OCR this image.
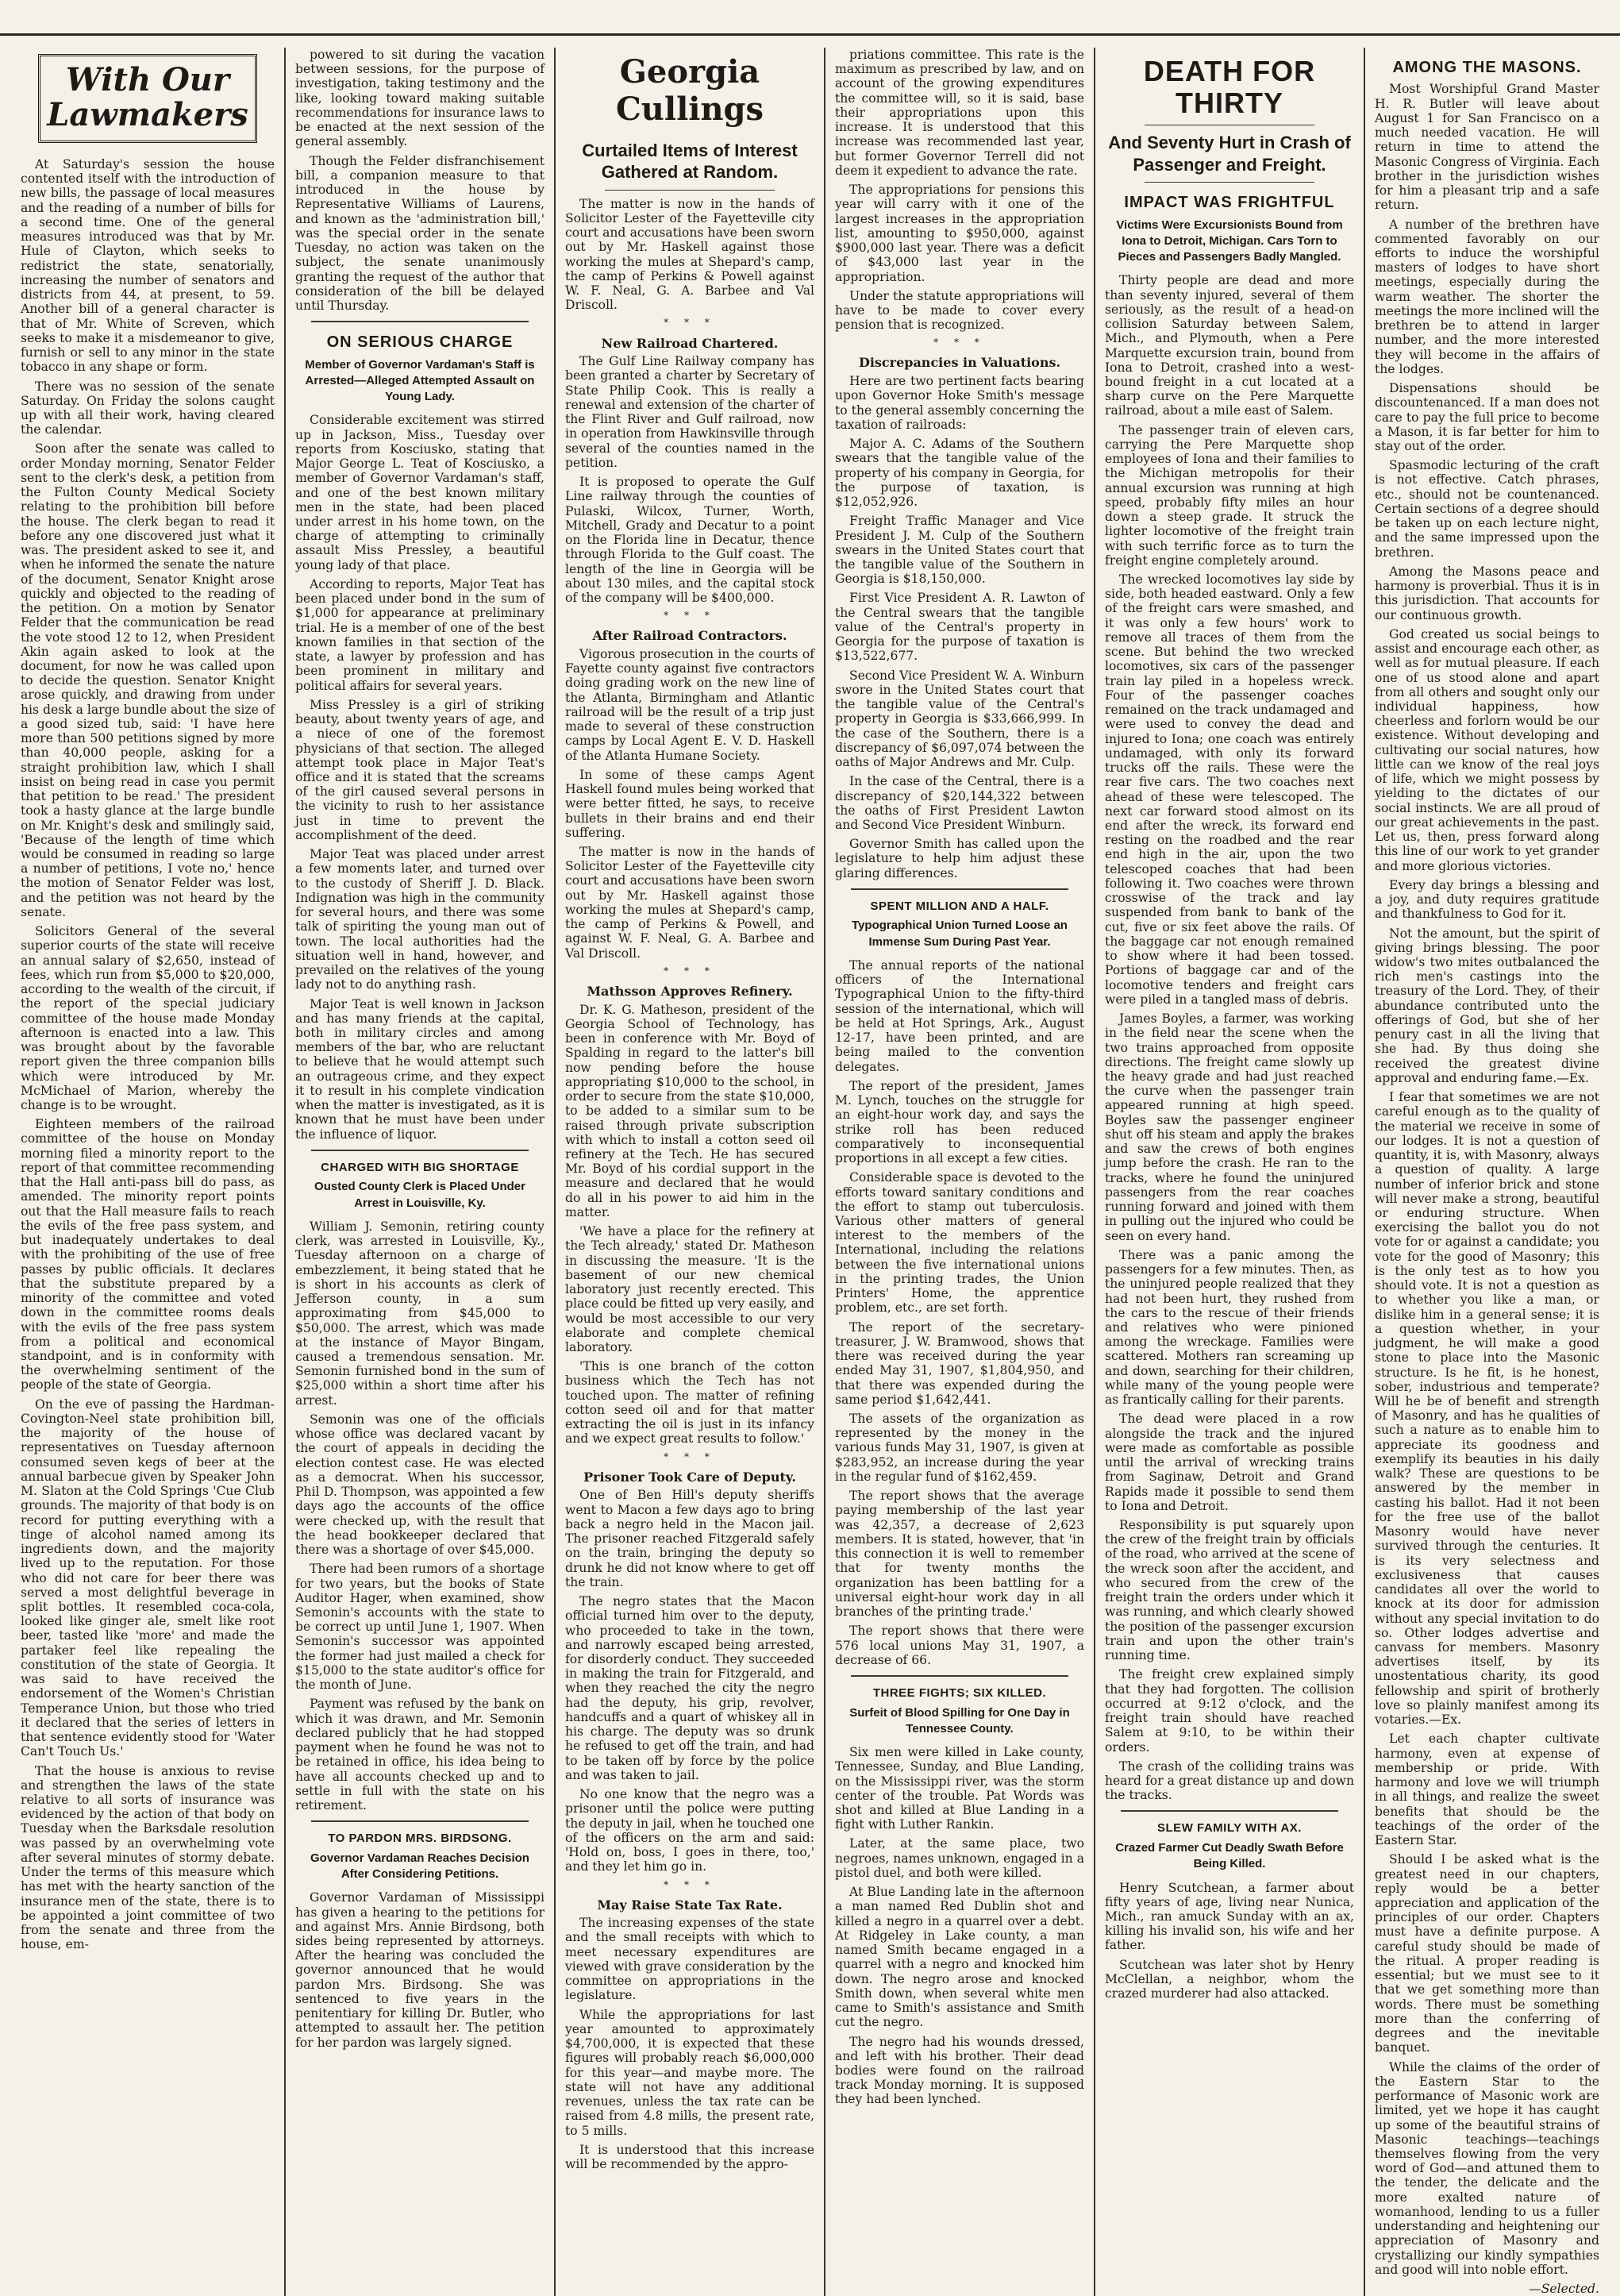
With Our Lawmakers

At Saturday's session the house contented itself with the introduction of new bills, the passage of local measures and the reading of a number of bills for a second time. One of the general measures introduced was that by Mr. Hule of Clayton, which seeks to redistrict the state, senatorially, increasing the number of senators and districts from 44, at present, to 59. Another bill of a general character is that of Mr. White of Screven, which seeks to make it a misdemeanor to give, furnish or sell to any minor in the state tobacco in any shape or form.

There was no session of the senate Saturday. On Friday the solons caught up with all their work, having cleared the calendar.

Soon after the senate was called to order Monday morning, Senator Felder sent to the clerk's desk, a petition from the Fulton County Medical Society relating to the prohibition bill before the house. The clerk began to read it before any one discovered just what it was. The president asked to see it, and when he informed the senate the nature of the document, Senator Knight arose quickly and objected to the reading of the petition. On a motion by Senator Felder that the communication be read the vote stood 12 to 12, when President Akin again asked to look at the document, for now he was called upon to decide the question. Senator Knight arose quickly, and drawing from under his desk a large bundle about the size of a good sized tub, said: 'I have here more than 500 petitions signed by more than 40,000 people, asking for a straight prohibition law, which I shall insist on being read in case you permit that petition to be read.' The president took a hasty glance at the large bundle on Mr. Knight's desk and smilingly said, 'Because of the length of time which would be consumed in reading so large a number of petitions, I vote no,' hence the motion of Senator Felder was lost, and the petition was not heard by the senate.

Solicitors General of the several superior courts of the state will receive an annual salary of $2,650, instead of fees, which run from $5,000 to $20,000, according to the wealth of the circuit, if the report of the special judiciary committee of the house made Monday afternoon is enacted into a law. This was brought about by the favorable report given the three companion bills which were introduced by Mr. McMichael of Marion, whereby the change is to be wrought.

Eighteen members of the railroad committee of the house on Monday morning filed a minority report to the report of that committee recommending that the Hall anti-pass bill do pass, as amended. The minority report points out that the Hall measure fails to reach the evils of the free pass system, and but inadequately undertakes to deal with the prohibiting of the use of free passes by public officials. It declares that the substitute prepared by a minority of the committee and voted down in the committee rooms deals with the evils of the free pass system from a political and economical standpoint, and is in conformity with the overwhelming sentiment of the people of the state of Georgia.

On the eve of passing the Hardman-Covington-Neel state prohibition bill, the majority of the house of representatives on Tuesday afternoon consumed seven kegs of beer at the annual barbecue given by Speaker John M. Slaton at the Cold Springs 'Cue Club grounds. The majority of that body is on record for putting everything with a tinge of alcohol named among its ingredients down, and the majority lived up to the reputation. For those who did not care for beer there was served a most delightful beverage in split bottles. It resembled coca-cola, looked like ginger ale, smelt like root beer, tasted like 'more' and made the partaker feel like repealing the constitution of the state of Georgia. It was said to have received the endorsement of the Women's Christian Temperance Union, but those who tried it declared that the series of letters in that sentence evidently stood for 'Water Can't Touch Us.'

That the house is anxious to revise and strengthen the laws of the state relative to all sorts of insurance was evidenced by the action of that body on Tuesday when the Barksdale resolution was passed by an overwhelming vote after several minutes of stormy debate. Under the terms of this measure which has met with the hearty sanction of the insurance men of the state, there is to be appointed a joint committee of two from the senate and three from the house, em-

powered to sit during the vacation between sessions, for the purpose of investigation, taking testimony and the like, looking toward making suitable recommendations for insurance laws to be enacted at the next session of the general assembly.

Though the Felder disfranchisement bill, a companion measure to that introduced in the house by Representative Williams of Laurens, and known as the 'administration bill,' was the special order in the senate Tuesday, no action was taken on the subject, the senate unanimously granting the request of the author that consideration of the bill be delayed until Thursday.

ON SERIOUS CHARGE
Member of Governor Vardaman's Staff is Arrested—Alleged Attempted Assault on Young Lady.

Considerable excitement was stirred up in Jackson, Miss., Tuesday over reports from Kosciusko, stating that Major George L. Teat of Kosciusko, a member of Governor Vardaman's staff, and one of the best known military men in the state, had been placed under arrest in his home town, on the charge of attempting to criminally assault Miss Pressley, a beautiful young lady of that place.

According to reports, Major Teat has been placed under bond in the sum of $1,000 for appearance at preliminary trial. He is a member of one of the best known families in that section of the state, a lawyer by profession and has been prominent in military and political affairs for several years.

Miss Pressley is a girl of striking beauty, about twenty years of age, and a niece of one of the foremost physicians of that section. The alleged attempt took place in Major Teat's office and it is stated that the screams of the girl caused several persons in the vicinity to rush to her assistance just in time to prevent the accomplishment of the deed.

Major Teat was placed under arrest a few moments later, and turned over to the custody of Sheriff J. D. Black. Indignation was high in the community for several hours, and there was some talk of spiriting the young man out of town. The local authorities had the situation well in hand, however, and prevailed on the relatives of the young lady not to do anything rash.

Major Teat is well known in Jackson and has many friends at the capital, both in military circles and among members of the bar, who are reluctant to believe that he would attempt such an outrageous crime, and they expect it to result in his complete vindication when the matter is investigated, as it is known that he must have been under the influence of liquor.

CHARGED WITH BIG SHORTAGE
Ousted County Clerk is Placed Under Arrest in Louisville, Ky.

William J. Semonin, retiring county clerk, was arrested in Louisville, Ky., Tuesday afternoon on a charge of embezzlement, it being stated that he is short in his accounts as clerk of Jefferson county, in a sum approximating from $45,000 to $50,000. The arrest, which was made at the instance of Mayor Bingam, caused a tremendous sensation. Mr. Semonin furnished bond in the sum of $25,000 within a short time after his arrest.

Semonin was one of the officials whose office was declared vacant by the court of appeals in deciding the election contest case. He was elected as a democrat. When his successor, Phil D. Thompson, was appointed a few days ago the accounts of the office were checked up, with the result that the head bookkeeper declared that there was a shortage of over $45,000.

There had been rumors of a shortage for two years, but the books of State Auditor Hager, when examined, show Semonin's accounts with the state to be correct up until June 1, 1907. When Semonin's successor was appointed the former had just mailed a check for $15,000 to the state auditor's office for the month of June.

Payment was refused by the bank on which it was drawn, and Mr. Semonin declared publicly that he had stopped payment when he found he was not to be retained in office, his idea being to have all accounts checked up and to settle in full with the state on his retirement.

TO PARDON MRS. BIRDSONG.
Governor Vardaman Reaches Decision After Considering Petitions.

Governor Vardaman of Mississippi has given a hearing to the petitions for and against Mrs. Annie Birdsong, both sides being represented by attorneys. After the hearing was concluded the governor announced that he would pardon Mrs. Birdsong. She was sentenced to five years in the penitentiary for killing Dr. Butler, who attempted to assault her. The petition for her pardon was largely signed.

Georgia Cullings
Curtailed Items of Interest Gathered at Random.

The matter is now in the hands of Solicitor Lester of the Fayetteville city court and accusations have been sworn out by Mr. Haskell against those working the mules at Shepard's camp, the camp of Perkins & Powell against W. F. Neal, G. A. Barbee and Val Driscoll.

* * *
New Railroad Chartered.

The Gulf Line Railway company has been granted a charter by Secretary of State Philip Cook. This is really a renewal and extension of the charter of the Flint River and Gulf railroad, now in operation from Hawkinsville through several of the counties named in the petition.

It is proposed to operate the Gulf Line railway through the counties of Pulaski, Wilcox, Turner, Worth, Mitchell, Grady and Decatur to a point on the Florida line in Decatur, thence through Florida to the Gulf coast. The length of the line in Georgia will be about 130 miles, and the capital stock of the company will be $400,000.

* * *
After Railroad Contractors.

Vigorous prosecution in the courts of Fayette county against five contractors doing grading work on the new line of the Atlanta, Birmingham and Atlantic railroad will be the result of a trip just made to several of these construction camps by Local Agent E. V. D. Haskell of the Atlanta Humane Society.

In some of these camps Agent Haskell found mules being worked that were better fitted, he says, to receive bullets in their brains and end their suffering.

The matter is now in the hands of Solicitor Lester of the Fayetteville city court and accusations have been sworn out by Mr. Haskell against those working the mules at Shepard's camp, the camp of Perkins & Powell, and against W. F. Neal, G. A. Barbee and Val Driscoll.

* * *
Mathsson Approves Refinery.

Dr. K. G. Matheson, president of the Georgia School of Technology, has been in conference with Mr. Boyd of Spalding in regard to the latter's bill now pending before the house appropriating $10,000 to the school, in order to secure from the state $10,000, to be added to a similar sum to be raised through private subscription with which to install a cotton seed oil refinery at the Tech. He has secured Mr. Boyd of his cordial support in the measure and declared that he would do all in his power to aid him in the matter.

'We have a place for the refinery at the Tech already,' stated Dr. Matheson in discussing the measure. 'It is the basement of our new chemical laboratory just recently erected. This place could be fitted up very easily, and would be most accessible to our very elaborate and complete chemical laboratory.

'This is one branch of the cotton business which the Tech has not touched upon. The matter of refining cotton seed oil and for that matter extracting the oil is just in its infancy and we expect great results to follow.'

* * *
Prisoner Took Care of Deputy.

One of Ben Hill's deputy sheriffs went to Macon a few days ago to bring back a negro held in the Macon jail. The prisoner reached Fitzgerald safely on the train, bringing the deputy so drunk he did not know where to get off the train.

The negro states that the Macon official turned him over to the deputy, who proceeded to take in the town, and narrowly escaped being arrested, for disorderly conduct. They succeeded in making the train for Fitzgerald, and when they reached the city the negro had the deputy, his grip, revolver, handcuffs and a quart of whiskey all in his charge. The deputy was so drunk he refused to get off the train, and had to be taken off by force by the police and was taken to jail.

No one know that the negro was a prisoner until the police were putting the deputy in jail, when he touched one of the officers on the arm and said: 'Hold on, boss, I goes in there, too,' and they let him go in.

* * *
May Raise State Tax Rate.

The increasing expenses of the state and the small receipts with which to meet necessary expenditures are viewed with grave consideration by the committee on appropriations in the legislature.

While the appropriations for last year amounted to approximately $4,700,000, it is expected that these figures will probably reach $6,000,000 for this year—and maybe more. The state will not have any additional revenues, unless the tax rate can be raised from 4.8 mills, the present rate, to 5 mills.

It is understood that this increase will be recommended by the appro-

priations committee. This rate is the maximum as prescribed by law, and on account of the growing expenditures the committee will, so it is said, base their appropriations upon this increase. It is understood that this increase was recommended last year, but former Governor Terrell did not deem it expedient to advance the rate.

The appropriations for pensions this year will carry with it one of the largest increases in the appropriation list, amounting to $950,000, against $900,000 last year. There was a deficit of $43,000 last year in the appropriation.

Under the statute appropriations will have to be made to cover every pension that is recognized.

* * *
Discrepancies in Valuations.

Here are two pertinent facts bearing upon Governor Hoke Smith's message to the general assembly concerning the taxation of railroads:

Major A. C. Adams of the Southern swears that the tangible value of the property of his company in Georgia, for the purpose of taxation, is $12,052,926.

Freight Traffic Manager and Vice President J. M. Culp of the Southern swears in the United States court that the tangible value of the Southern in Georgia is $18,150,000.

First Vice President A. R. Lawton of the Central swears that the tangible value of the Central's property in Georgia for the purpose of taxation is $13,522,677.

Second Vice President W. A. Winburn swore in the United States court that the tangible value of the Central's property in Georgia is $33,666,999. In the case of the Southern, there is a discrepancy of $6,097,074 between the oaths of Major Andrews and Mr. Culp.

In the case of the Central, there is a discrepancy of $20,144,322 between the oaths of First President Lawton and Second Vice President Winburn.

Governor Smith has called upon the legislature to help him adjust these glaring differences.

SPENT MILLION AND A HALF.
Typographical Union Turned Loose an Immense Sum During Past Year.

The annual reports of the national officers of the International Typographical Union to the fifty-third session of the international, which will be held at Hot Springs, Ark., August 12-17, have been printed, and are being mailed to the convention delegates.

The report of the president, James M. Lynch, touches on the struggle for an eight-hour work day, and says the strike roll has been reduced comparatively to inconsequential proportions in all except a few cities.

Considerable space is devoted to the efforts toward sanitary conditions and the effort to stamp out tuberculosis. Various other matters of general interest to the members of the International, including the relations between the five international unions in the printing trades, the Union Printers' Home, the apprentice problem, etc., are set forth.

The report of the secretary-treasurer, J. W. Bramwood, shows that there was received during the year ended May 31, 1907, $1,804,950, and that there was expended during the same period $1,642,441.

The assets of the organization as represented by the money in the various funds May 31, 1907, is given at $283,952, an increase during the year in the regular fund of $162,459.

The report shows that the average paying membership of the last year was 42,357, a decrease of 2,623 members. It is stated, however, that 'in this connection it is well to remember that for twenty months the organization has been battling for a universal eight-hour work day in all branches of the printing trade.'

The report shows that there were 576 local unions May 31, 1907, a decrease of 66.

THREE FIGHTS; SIX KILLED.
Surfeit of Blood Spilling for One Day in Tennessee County.

Six men were killed in Lake county, Tennessee, Sunday, and Blue Landing, on the Mississippi river, was the storm center of the trouble. Pat Words was shot and killed at Blue Landing in a fight with Luther Rankin.

Later, at the same place, two negroes, names unknown, engaged in a pistol duel, and both were killed.

At Blue Landing late in the afternoon a man named Red Dublin shot and killed a negro in a quarrel over a debt. At Ridgeley in Lake county, a man named Smith became engaged in a quarrel with a negro and knocked him down. The negro arose and knocked Smith down, when several white men came to Smith's assistance and Smith cut the negro.

The negro had his wounds dressed, and left with his brother. Their dead bodies were found on the railroad track Monday morning. It is supposed they had been lynched.

DEATH FOR THIRTY
And Seventy Hurt in Crash of Passenger and Freight.
IMPACT WAS FRIGHTFUL
Victims Were Excursionists Bound from Iona to Detroit, Michigan. Cars Torn to Pieces and Passengers Badly Mangled.

Thirty people are dead and more than seventy injured, several of them seriously, as the result of a head-on collision Saturday between Salem, Mich., and Plymouth, when a Pere Marquette excursion train, bound from Iona to Detroit, crashed into a west-bound freight in a cut located at a sharp curve on the Pere Marquette railroad, about a mile east of Salem.

The passenger train of eleven cars, carrying the Pere Marquette shop employees of Iona and their families to the Michigan metropolis for their annual excursion was running at high speed, probably fifty miles an hour down a steep grade. It struck the lighter locomotive of the freight train with such terrific force as to turn the freight engine completely around.

The wrecked locomotives lay side by side, both headed eastward. Only a few of the freight cars were smashed, and it was only a few hours' work to remove all traces of them from the scene. But behind the two wrecked locomotives, six cars of the passenger train lay piled in a hopeless wreck. Four of the passenger coaches remained on the track undamaged and were used to convey the dead and injured to Iona; one coach was entirely undamaged, with only its forward trucks off the rails. These were the rear five cars. The two coaches next ahead of these were telescoped. The next car forward stood almost on its end after the wreck, its forward end resting on the roadbed and the rear end high in the air, upon the two telescoped coaches that had been following it. Two coaches were thrown crosswise of the track and lay suspended from bank to bank of the cut, five or six feet above the rails. Of the baggage car not enough remained to show where it had been tossed. Portions of baggage car and of the locomotive tenders and freight cars were piled in a tangled mass of debris.

James Boyles, a farmer, was working in the field near the scene when the two trains approached from opposite directions. The freight came slowly up the heavy grade and had just reached the curve when the passenger train appeared running at high speed. Boyles saw the passenger engineer shut off his steam and apply the brakes and saw the crews of both engines jump before the crash. He ran to the tracks, where he found the uninjured passengers from the rear coaches running forward and joined with them in pulling out the injured who could be seen on every hand.

There was a panic among the passengers for a few minutes. Then, as the uninjured people realized that they had not been hurt, they rushed from the cars to the rescue of their friends and relatives who were pinioned among the wreckage. Families were scattered. Mothers ran screaming up and down, searching for their children, while many of the young people were as frantically calling for their parents.

The dead were placed in a row alongside the track and the injured were made as comfortable as possible until the arrival of wrecking trains from Saginaw, Detroit and Grand Rapids made it possible to send them to Iona and Detroit.

Responsibility is put squarely upon the crew of the freight train by officials of the road, who arrived at the scene of the wreck soon after the accident, and who secured from the crew of the freight train the orders under which it was running, and which clearly showed the position of the passenger excursion train and upon the other train's running time.

The freight crew explained simply that they had forgotten. The collision occurred at 9:12 o'clock, and the freight train should have reached Salem at 9:10, to be within their orders.

The crash of the colliding trains was heard for a great distance up and down the tracks.

SLEW FAMILY WITH AX.
Crazed Farmer Cut Deadly Swath Before Being Killed.

Henry Scutchean, a farmer about fifty years of age, living near Nunica, Mich., ran amuck Sunday with an ax, killing his invalid son, his wife and her father.

Scutchean was later shot by Henry McClellan, a neighbor, whom the crazed murderer had also attacked.

AMONG THE MASONS.

Most Worshipful Grand Master H. R. Butler will leave about August 1 for San Francisco on a much needed vacation. He will return in time to attend the Masonic Congress of Virginia. Each brother in the jurisdiction wishes for him a pleasant trip and a safe return.

A number of the brethren have commented favorably on our efforts to induce the worshipful masters of lodges to have short meetings, especially during the warm weather. The shorter the meetings the more inclined will the brethren be to attend in larger number, and the more interested they will become in the affairs of the lodges.

Dispensations should be discountenanced. If a man does not care to pay the full price to become a Mason, it is far better for him to stay out of the order.

Spasmodic lecturing of the craft is not effective. Catch phrases, etc., should not be countenanced. Certain sections of a degree should be taken up on each lecture night, and the same impressed upon the brethren.

Among the Masons peace and harmony is proverbial. Thus it is in this jurisdiction. That accounts for our continuous growth.

God created us social beings to assist and encourage each other, as well as for mutual pleasure. If each one of us stood alone and apart from all others and sought only our individual happiness, how cheerless and forlorn would be our existence. Without developing and cultivating our social natures, how little can we know of the real joys of life, which we might possess by yielding to the dictates of our social instincts. We are all proud of our great achievements in the past. Let us, then, press forward along this line of our work to yet grander and more glorious victories.

Every day brings a blessing and a joy, and duty requires gratitude and thankfulness to God for it.

Not the amount, but the spirit of giving brings blessing. The poor widow's two mites outbalanced the rich men's castings into the treasury of the Lord. They, of their abundance contributed unto the offerings of God, but she of her penury cast in all the living that she had. By thus doing she received the greatest divine approval and enduring fame.—Ex.

I fear that sometimes we are not careful enough as to the quality of the material we receive in some of our lodges. It is not a question of quantity, it is, with Masonry, always a question of quality. A large number of inferior brick and stone will never make a strong, beautiful or enduring structure. When exercising the ballot you do not vote for or against a candidate; you vote for the good of Masonry; this is the only test as to how you should vote. It is not a question as to whether you like a man, or dislike him in a general sense; it is a question whether, in your judgment, he will make a good stone to place into the Masonic structure. Is he fit, is he honest, sober, industrious and temperate? Will he be of benefit and strength of Masonry, and has he qualities of such a nature as to enable him to appreciate its goodness and exemplify its beauties in his daily walk? These are questions to be answered by the member in casting his ballot. Had it not been for the free use of the ballot Masonry would have never survived through the centuries. It is its very selectness and exclusiveness that causes candidates all over the world to knock at its door for admission without any special invitation to do so. Other lodges advertise and canvass for members. Masonry advertises itself, by its unostentatious charity, its good fellowship and spirit of brotherly love so plainly manifest among its votaries.—Ex.

Let each chapter cultivate harmony, even at expense of membership or pride. With harmony and love we will triumph in all things, and realize the sweet benefits that should be the teachings of the order of the Eastern Star.

Should I be asked what is the greatest need in our chapters, reply would be a better appreciation and application of the principles of our order. Chapters must have a definite purpose. A careful study should be made of the ritual. A proper reading is essential; but we must see to it that we get something more than words. There must be something more than the conferring of degrees and the inevitable banquet.

While the claims of the order of the Eastern Star to the performance of Masonic work are limited, yet we hope it has caught up some of the beautiful strains of Masonic teachings—teachings themselves flowing from the very word of God—and attuned them to the tender, the delicate and the more exalted nature of womanhood, lending to us a fuller understanding and heightening our appreciation of Masonry and crystallizing our kindly sympathies and good will into noble effort.

—Selected.
